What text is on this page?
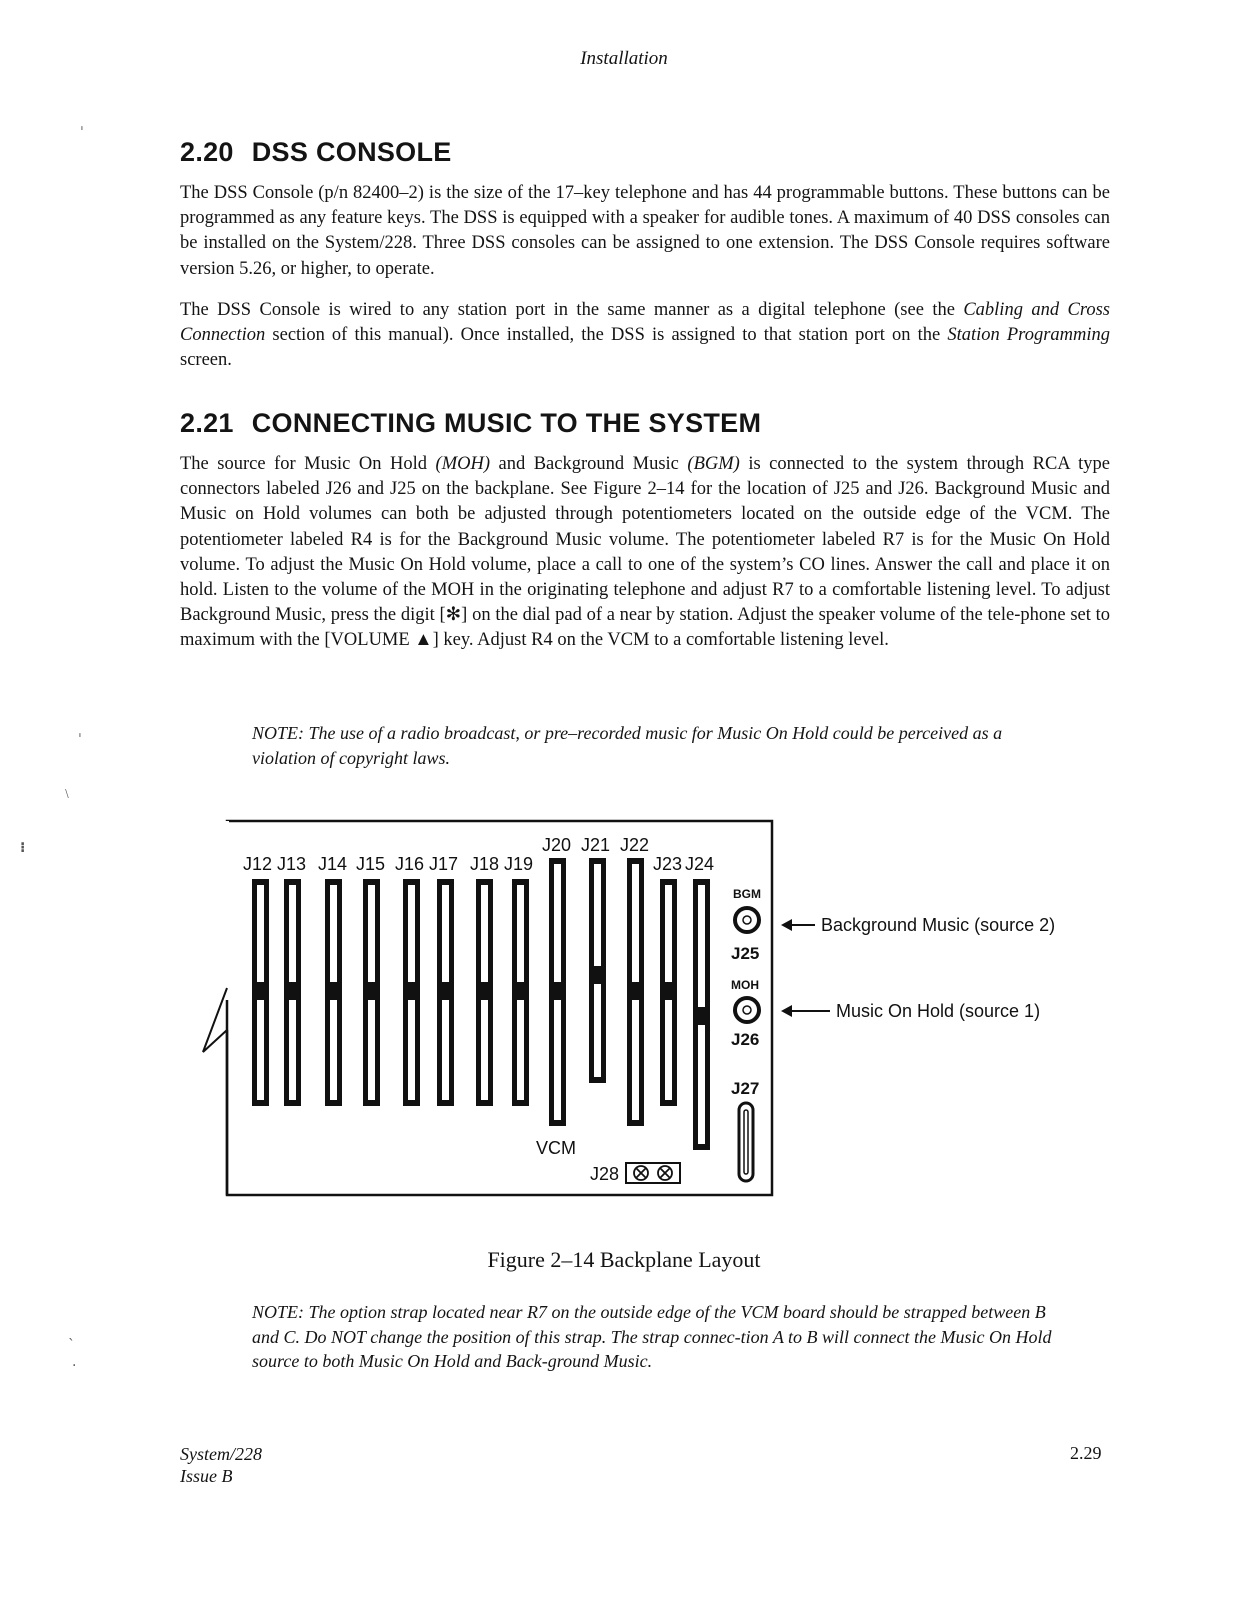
Installation
2.20 DSS CONSOLE

The DSS Console (p/n 82400–2) is the size of the 17–key telephone and has 44 programmable buttons. These buttons can be programmed as any feature keys. The DSS is equipped with a speaker for audible tones. A maximum of 40 DSS consoles can be installed on the System/228. Three DSS consoles can be assigned to one extension. The DSS Console requires software version 5.26, or higher, to operate.

The DSS Console is wired to any station port in the same manner as a digital telephone (see the Cabling and Cross Connection section of this manual). Once installed, the DSS is assigned to that station port on the Station Programming screen.

2.21 CONNECTING MUSIC TO THE SYSTEM

The source for Music On Hold (MOH) and Background Music (BGM) is connected to the system through RCA type connectors labeled J26 and J25 on the backplane. See Figure 2–14 for the location of J25 and J26. Background Music and Music on Hold volumes can both be adjusted through potentiometers located on the outside edge of the VCM. The potentiometer labeled R4 is for the Background Music volume. The potentiometer labeled R7 is for the Music On Hold volume. To adjust the Music On Hold volume, place a call to one of the system’s CO lines. Answer the call and place it on hold. Listen to the volume of the MOH in the originating telephone and adjust R7 to a comfortable listening level. To adjust Background Music, press the digit [✻] on the dial pad of a near by station. Adjust the speaker volume of the tele-phone set to maximum with the [VOLUME ▲] key. Adjust R4 on the VCM to a comfortable listening level.

NOTE: The use of a radio broadcast, or pre–recorded music for Music On Hold could be perceived as a violation of copyright laws.

J12 J13 J14 J15 J16 J17 J18 J19
J20 J21 J22
J23 J24
BGM
J25
MOH
J26
J27
J28
VCM
Background Music (source 2)
Music On Hold (source 1)
Figure 2–14 Backplane Layout

NOTE: The option strap located near R7 on the outside edge of the VCM board should be strapped between B and C. Do NOT change the position of this strap. The strap connec-tion A to B will connect the Music On Hold source to both Music On Hold and Back-ground Music.

System/228
Issue B
2.29
ˈ
ˈ
﹨
⁝
ˎ
·
